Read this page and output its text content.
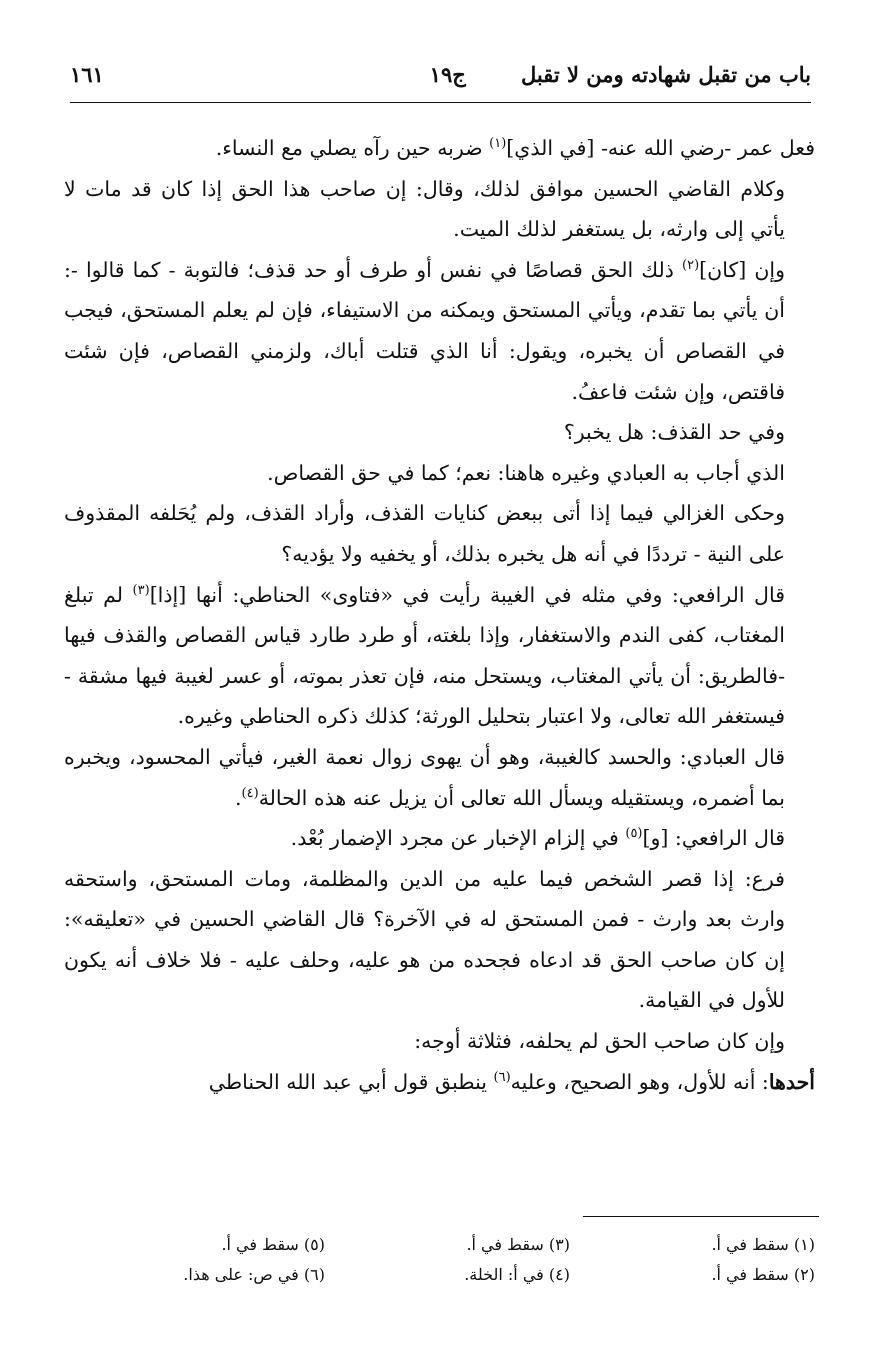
باب من تقبل شهادته ومن لا تقبل
ج١٩
١٦١

فعل عمر -رضي الله عنه- [في الذي]$^{(١)}$ ضربه حين رآه يصلي مع النساء.

وكلام القاضي الحسين موافق لذلك، وقال: إن صاحب هذا الحق إذا كان قد مات لا يأتي إلى وارثه، بل يستغفر لذلك الميت.

وإن [كان]$^{(٢)}$ ذلك الحق قصاصًا في نفس أو طرف أو حد قذف؛ فالتوبة - كما قالوا -: أن يأتي بما تقدم، ويأتي المستحق ويمكنه من الاستيفاء، فإن لم يعلم المستحق، فيجب في القصاص أن يخبره، ويقول: أنا الذي قتلت أباك، ولزمني القصاص، فإن شئت فاقتص، وإن شئت فاعفُ.

وفي حد القذف: هل يخبر؟

الذي أجاب به العبادي وغيره هاهنا: نعم؛ كما في حق القصاص.

وحكى الغزالي فيما إذا أتى ببعض كنايات القذف، وأراد القذف، ولم يُحَلفه المقذوف على النية - ترددًا في أنه هل يخبره بذلك، أو يخفيه ولا يؤديه؟

قال الرافعي: وفي مثله في الغيبة رأيت في «فتاوى» الحناطي: أنها [إذا]$^{(٣)}$ لم تبلغ المغتاب، كفى الندم والاستغفار، وإذا بلغته، أو طرد طارد قياس القصاص والقذف فيها -فالطريق: أن يأتي المغتاب، ويستحل منه، فإن تعذر بموته، أو عسر لغيبة فيها مشقة - فيستغفر الله تعالى، ولا اعتبار بتحليل الورثة؛ كذلك ذكره الحناطي وغيره.

قال العبادي: والحسد كالغيبة، وهو أن يهوى زوال نعمة الغير، فيأتي المحسود، ويخبره بما أضمره، ويستقيله ويسأل الله تعالى أن يزيل عنه هذه الحالة$^{(٤)}$.

قال الرافعي: [و]$^{(٥)}$ في إلزام الإخبار عن مجرد الإضمار بُعْد.

فرع: إذا قصر الشخص فيما عليه من الدين والمظلمة، ومات المستحق، واستحقه وارث بعد وارث - فمن المستحق له في الآخرة؟ قال القاضي الحسين في «تعليقه»: إن كان صاحب الحق قد ادعاه فجحده من هو عليه، وحلف عليه - فلا خلاف أنه يكون للأول في القيامة.

وإن كان صاحب الحق لم يحلفه، فثلاثة أوجه:

أحدها: أنه للأول، وهو الصحيح، وعليه$^{(٦)}$ ينطبق قول أبي عبد الله الحناطي

(١) سقط في أ.
(٣) سقط في أ.
(٥) سقط في أ.
(٢) سقط في أ.
(٤) في أ: الخلة.
(٦) في ص: على هذا.
